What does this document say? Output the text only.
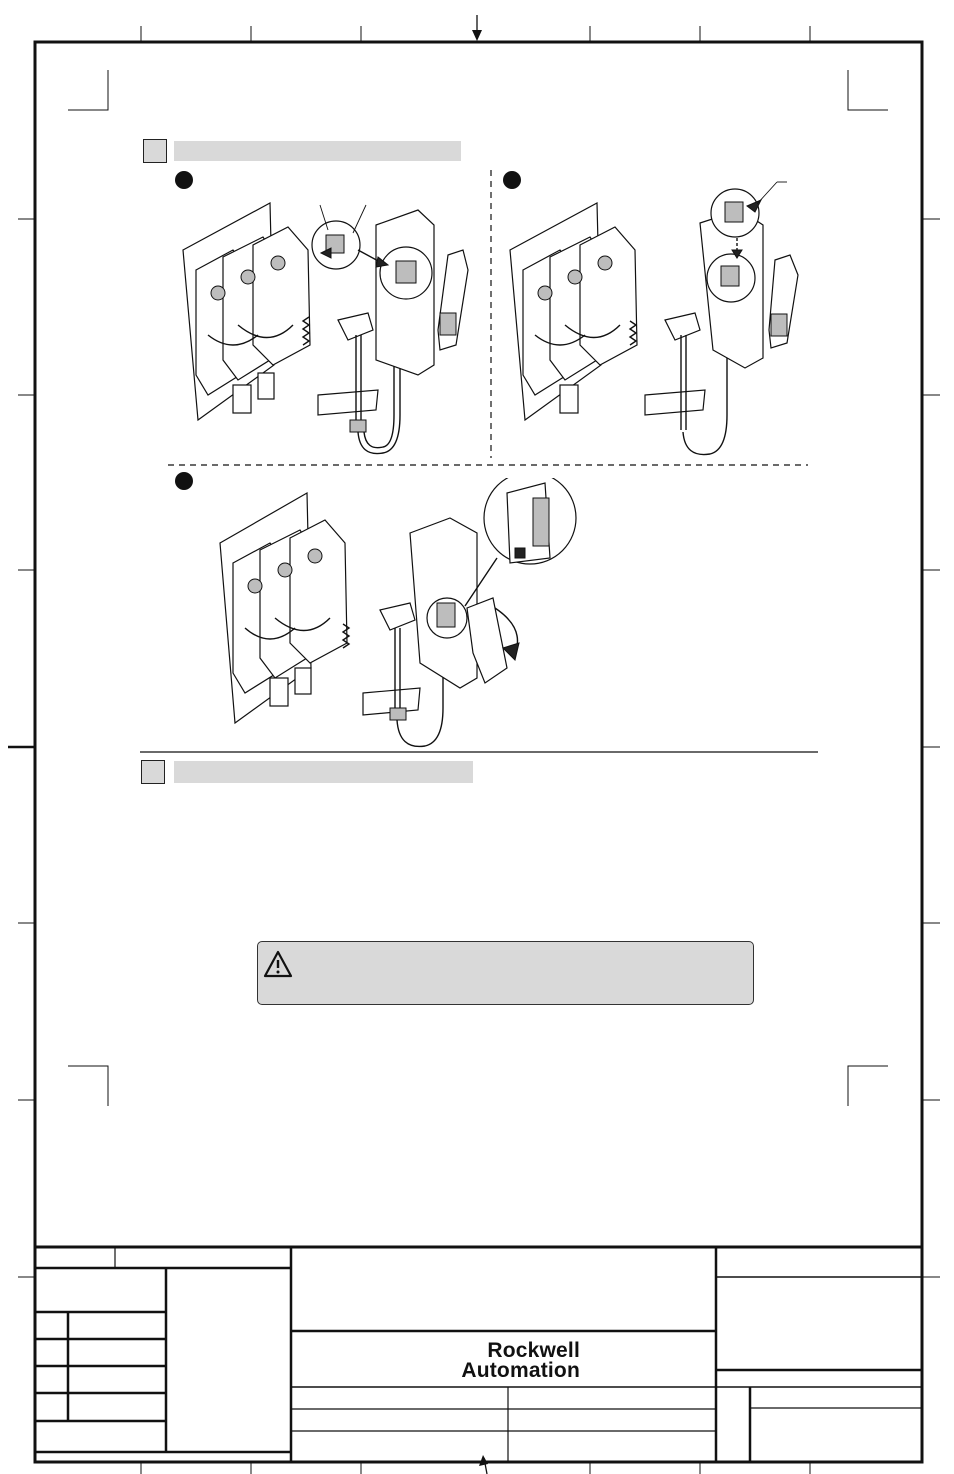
Rockwell
Automation
